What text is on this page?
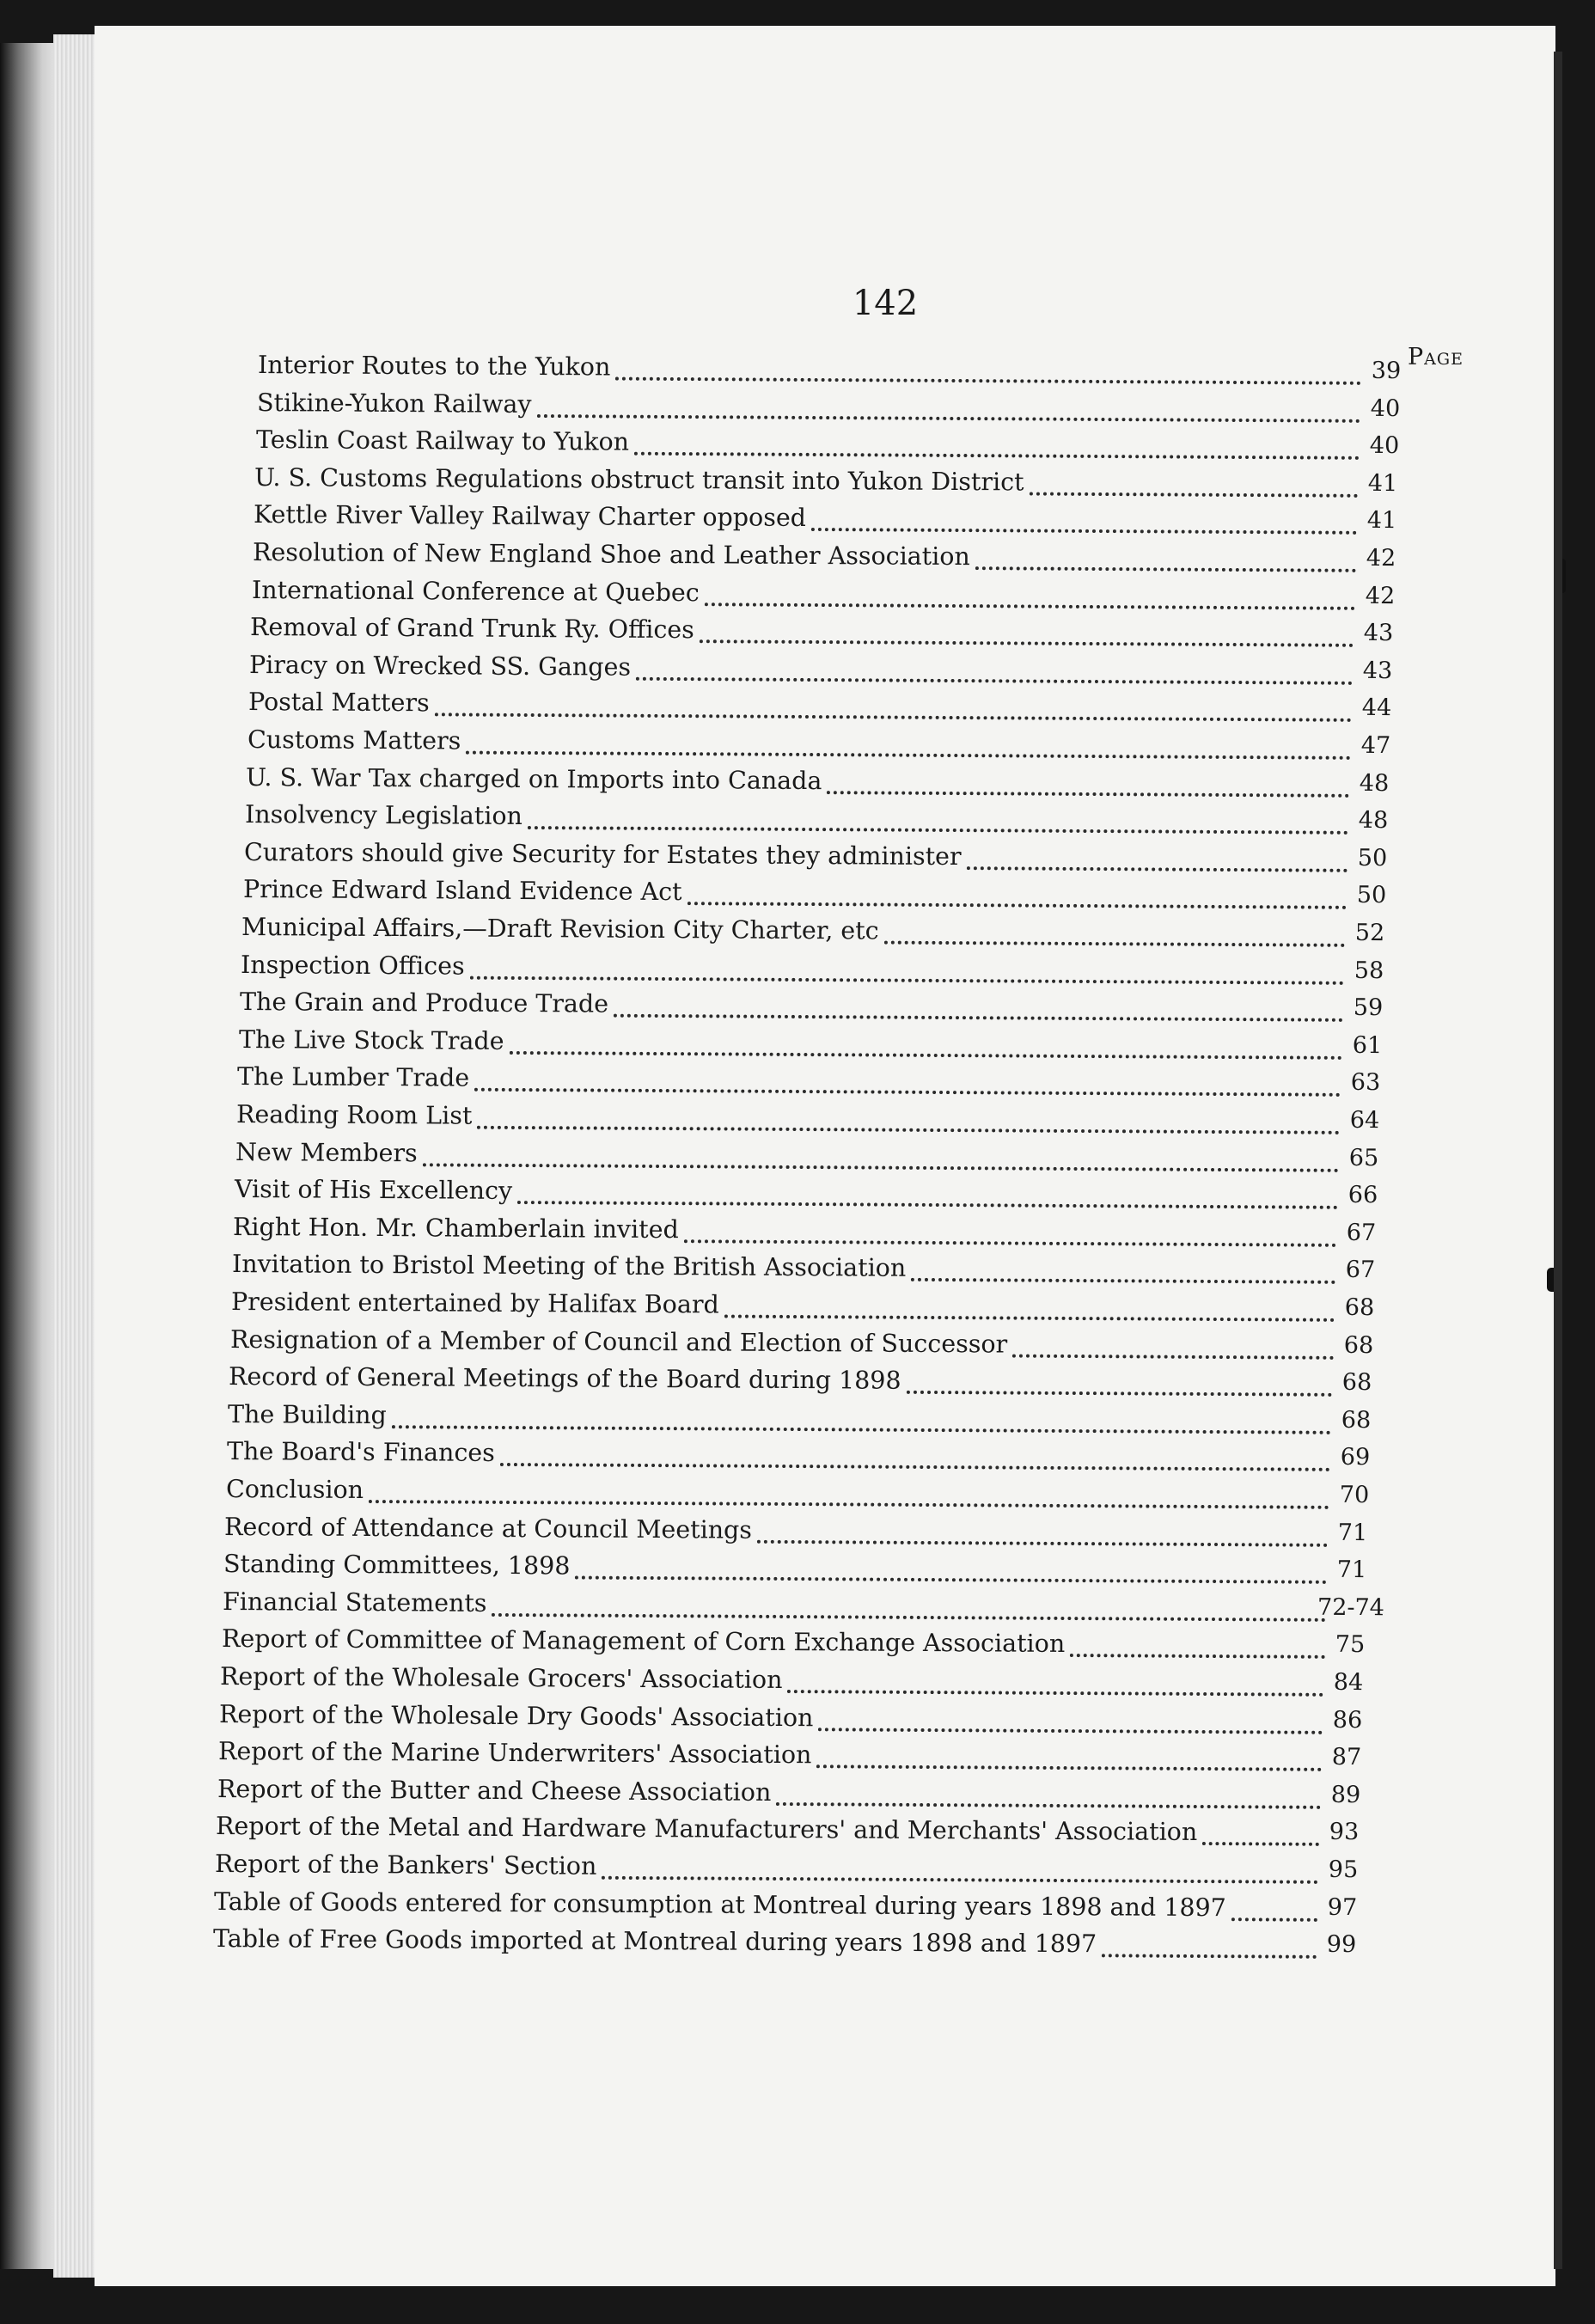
142
Page
Interior Routes to the Yukon	39
Stikine-Yukon Railway	40
Teslin Coast Railway to Yukon	40
U. S. Customs Regulations obstruct transit into Yukon District	41
Kettle River Valley Railway Charter opposed	41
Resolution of New England Shoe and Leather Association	42
International Conference at Quebec	42
Removal of Grand Trunk Ry. Offices	43
Piracy on Wrecked SS. Ganges	43
Postal Matters	44
Customs Matters	47
U. S. War Tax charged on Imports into Canada	48
Insolvency Legislation	48
Curators should give Security for Estates they administer	50
Prince Edward Island Evidence Act	50
Municipal Affairs,—Draft Revision City Charter, etc	52
Inspection Offices	58
The Grain and Produce Trade	59
The Live Stock Trade	61
The Lumber Trade	63
Reading Room List	64
New Members	65
Visit of His Excellency	66
Right Hon. Mr. Chamberlain invited	67
Invitation to Bristol Meeting of the British Association	67
President entertained by Halifax Board	68
Resignation of a Member of Council and Election of Successor	68
Record of General Meetings of the Board during 1898	68
The Building	68
The Board's Finances	69
Conclusion	70
Record of Attendance at Council Meetings	71
Standing Committees, 1898	71
Financial Statements	72-74
Report of Committee of Management of Corn Exchange Association	75
Report of the Wholesale Grocers' Association	84
Report of the Wholesale Dry Goods' Association	86
Report of the Marine Underwriters' Association	87
Report of the Butter and Cheese Association	89
Report of the Metal and Hardware Manufacturers' and Merchants' Association	93
Report of the Bankers' Section	95
Table of Goods entered for consumption at Montreal during years 1898 and 1897	97
Table of Free Goods imported at Montreal during years 1898 and 1897	99
